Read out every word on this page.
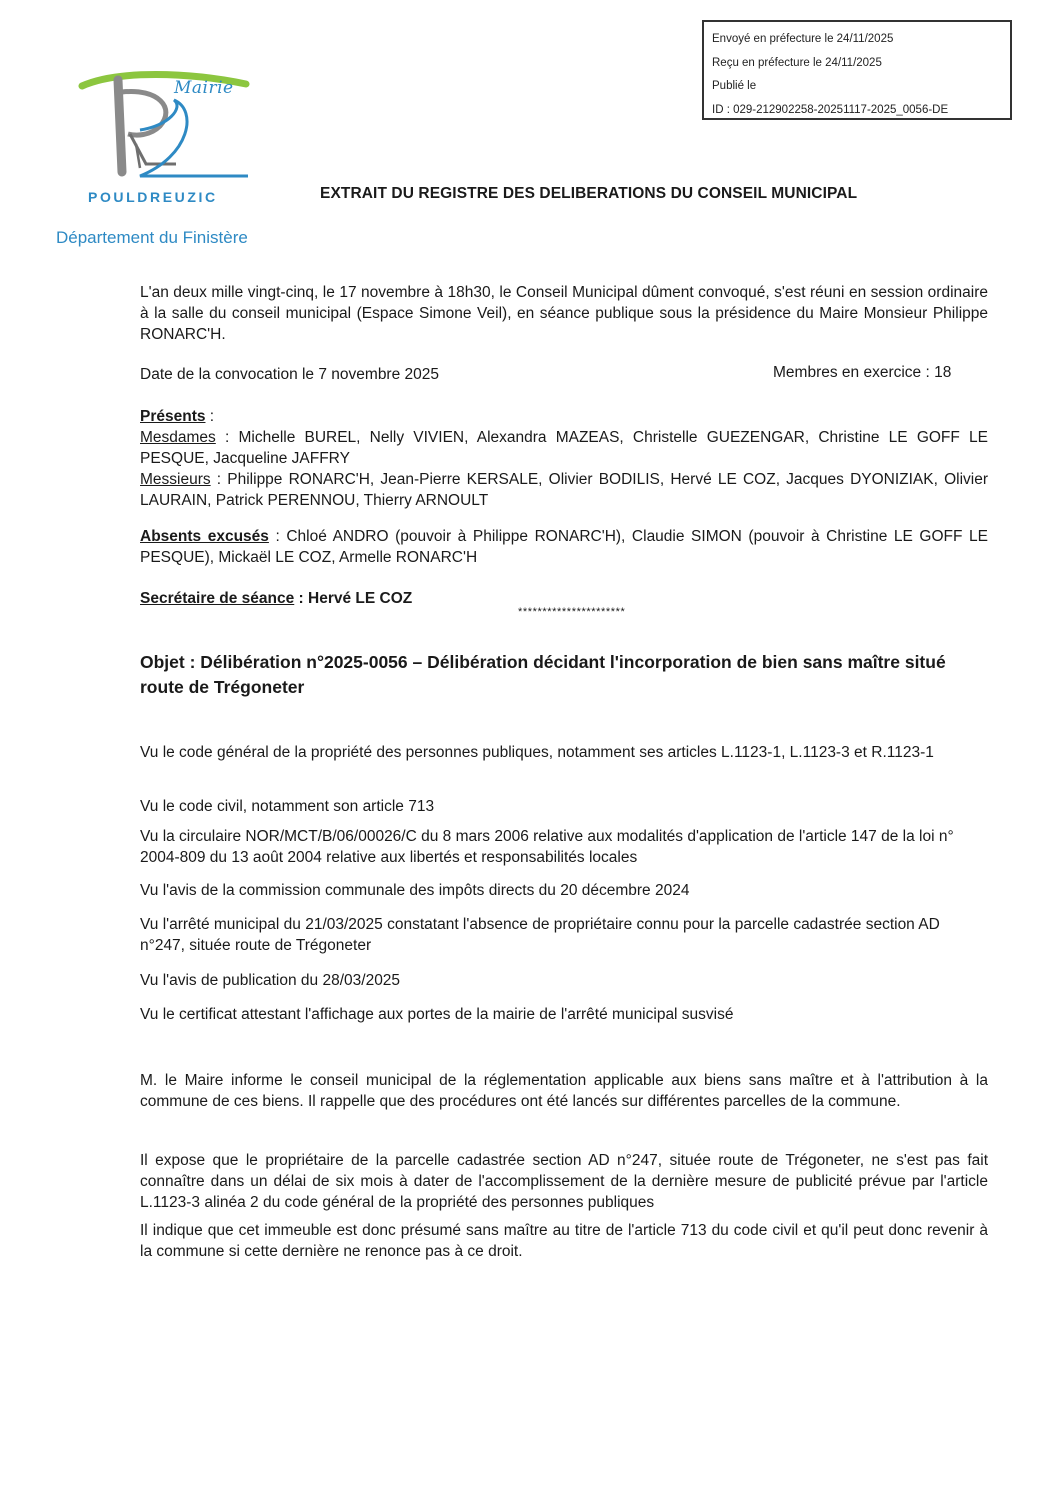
Envoyé en préfecture le 24/11/2025
Reçu en préfecture le 24/11/2025
Publié le
ID : 029-212902258-20251117-2025_0056-DE
Mairie
POULDREUZIC
Département du Finistère
EXTRAIT DU REGISTRE DES DELIBERATIONS DU CONSEIL MUNICIPAL
L'an deux mille vingt-cinq, le 17 novembre à 18h30, le Conseil Municipal dûment convoqué, s'est réuni en session ordinaire à la salle du conseil municipal (Espace Simone Veil), en séance publique sous la présidence du Maire Monsieur Philippe RONARC'H.
Date de la convocation le 7 novembre 2025	Membres en exercice : 18
Présents :
Mesdames : Michelle BUREL, Nelly VIVIEN, Alexandra MAZEAS, Christelle GUEZENGAR, Christine LE GOFF LE PESQUE, Jacqueline JAFFRY
Messieurs : Philippe RONARC'H, Jean-Pierre KERSALE, Olivier BODILIS, Hervé LE COZ, Jacques DYONIZIAK, Olivier LAURAIN, Patrick PERENNOU, Thierry ARNOULT
Absents excusés : Chloé ANDRO (pouvoir à Philippe RONARC'H), Claudie SIMON (pouvoir à Christine LE GOFF LE PESQUE), Mickaël LE COZ, Armelle RONARC'H
Secrétaire de séance : Hervé LE COZ
**********************
Objet : Délibération n°2025-0056 – Délibération décidant l'incorporation de bien sans maître situé route de Trégoneter
Vu le code général de la propriété des personnes publiques, notamment ses articles L.1123-1, L.1123-3 et R.1123-1
Vu le code civil, notamment son article 713
Vu la circulaire NOR/MCT/B/06/00026/C du 8 mars 2006 relative aux modalités d'application de l'article 147 de la loi n° 2004-809 du 13 août 2004 relative aux libertés et responsabilités locales
Vu l'avis de la commission communale des impôts directs du 20 décembre 2024
Vu l'arrêté municipal du 21/03/2025 constatant l'absence de propriétaire connu pour la parcelle cadastrée section AD n°247, située route de Trégoneter
Vu l'avis de publication du 28/03/2025
Vu le certificat attestant l'affichage aux portes de la mairie de l'arrêté municipal susvisé
M. le Maire informe le conseil municipal de la réglementation applicable aux biens sans maître et à l'attribution à la commune de ces biens. Il rappelle que des procédures ont été lancés sur différentes parcelles de la commune.
Il expose que le propriétaire de la parcelle cadastrée section AD n°247, située route de Trégoneter, ne s'est pas fait connaître dans un délai de six mois à dater de l'accomplissement de la dernière mesure de publicité prévue par l'article L.1123-3 alinéa 2 du code général de la propriété des personnes publiques
Il indique que cet immeuble est donc présumé sans maître au titre de l'article 713 du code civil et qu'il peut donc revenir à la commune si cette dernière ne renonce pas à ce droit.
